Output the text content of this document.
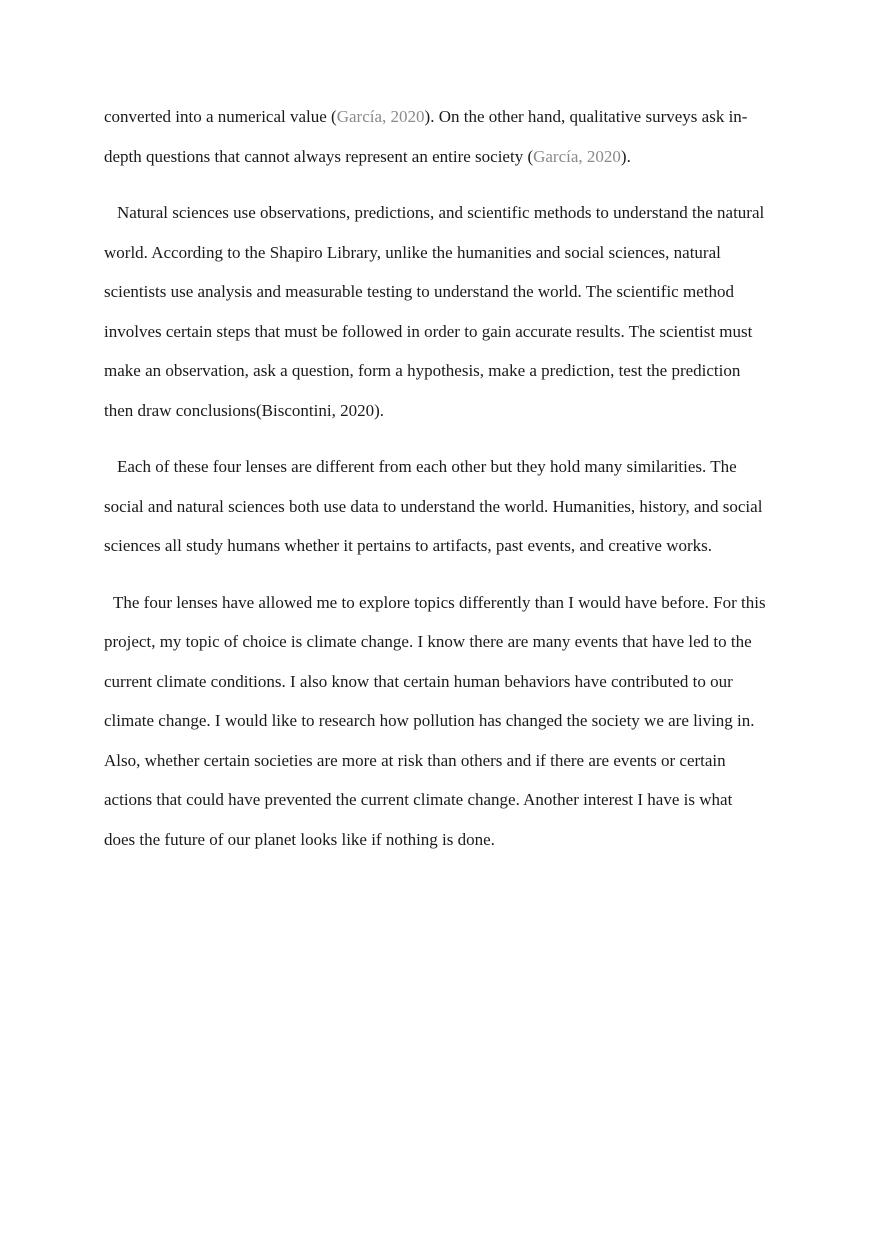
converted into a numerical value (García, 2020). On the other hand, qualitative surveys ask in-
depth questions that cannot always represent an entire society (García, 2020).
Natural sciences use observations, predictions, and scientific methods to understand the natural
world. According to the Shapiro Library, unlike the humanities and social sciences, natural
scientists use analysis and measurable testing to understand the world. The scientific method
involves certain steps that must be followed in order to gain accurate results. The scientist must
make an observation, ask a question, form a hypothesis, make a prediction, test the prediction
then draw conclusions(Biscontini, 2020).
Each of these four lenses are different from each other but they hold many similarities. The
social and natural sciences both use data to understand the world. Humanities, history, and social
sciences all study humans whether it pertains to artifacts, past events, and creative works.
The four lenses have allowed me to explore topics differently than I would have before. For this
project, my topic of choice is climate change. I know there are many events that have led to the
current climate conditions. I also know that certain human behaviors have contributed to our
climate change. I would like to research how pollution has changed the society we are living in.
Also, whether certain societies are more at risk than others and if there are events or certain
actions that could have prevented the current climate change. Another interest I have is what
does the future of our planet looks like if nothing is done.
